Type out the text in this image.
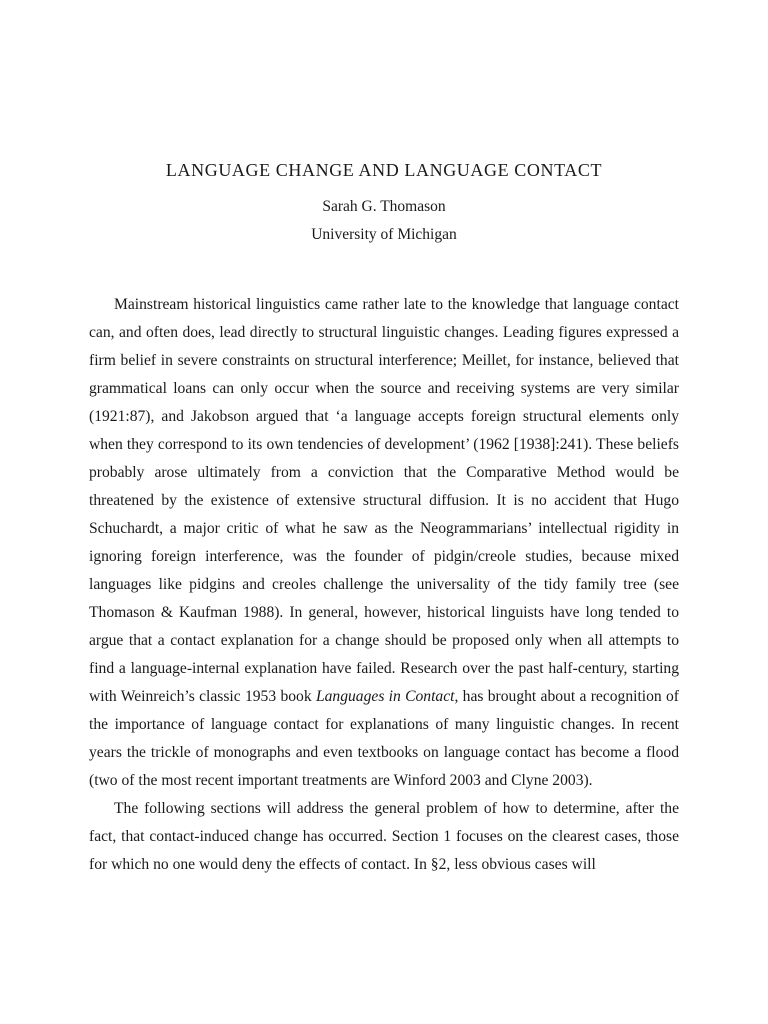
LANGUAGE CHANGE AND LANGUAGE CONTACT
Sarah G. Thomason
University of Michigan

Mainstream historical linguistics came rather late to the knowledge that language contact can, and often does, lead directly to structural linguistic changes. Leading figures expressed a firm belief in severe constraints on structural interference; Meillet, for instance, believed that grammatical loans can only occur when the source and receiving systems are very similar (1921:87), and Jakobson argued that ‘a language accepts foreign structural elements only when they correspond to its own tendencies of development’ (1962 [1938]:241). These beliefs probably arose ultimately from a conviction that the Comparative Method would be threatened by the existence of extensive structural diffusion. It is no accident that Hugo Schuchardt, a major critic of what he saw as the Neogrammarians’ intellectual rigidity in ignoring foreign interference, was the founder of pidgin/creole studies, because mixed languages like pidgins and creoles challenge the universality of the tidy family tree (see Thomason & Kaufman 1988). In general, however, historical linguists have long tended to argue that a contact explanation for a change should be proposed only when all attempts to find a language-internal explanation have failed. Research over the past half-century, starting with Weinreich’s classic 1953 book Languages in Contact, has brought about a recognition of the importance of language contact for explanations of many linguistic changes. In recent years the trickle of monographs and even textbooks on language contact has become a flood (two of the most recent important treatments are Winford 2003 and Clyne 2003).

The following sections will address the general problem of how to determine, after the fact, that contact-induced change has occurred. Section 1 focuses on the clearest cases, those for which no one would deny the effects of contact. In §2, less obvious cases will
